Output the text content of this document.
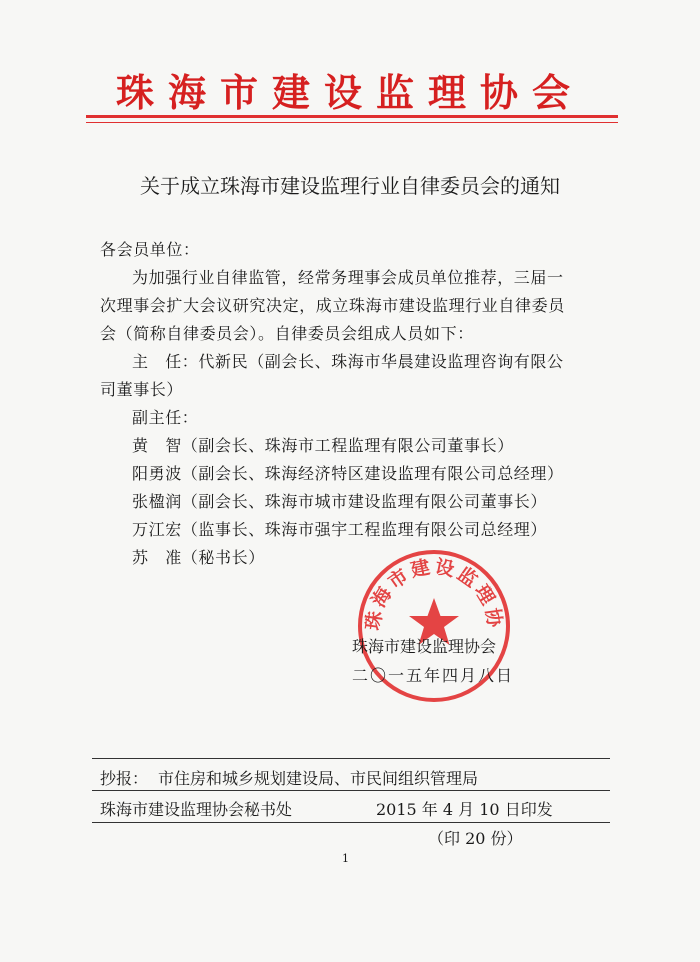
珠海市建设监理协会
关于成立珠海市建设监理行业自律委员会的通知
各会员单位：
为加强行业自律监管，经常务理事会成员单位推荐，三届一
次理事会扩大会议研究决定，成立珠海市建设监理行业自律委员
会（简称自律委员会）。自律委员会组成人员如下：
主　任：代新民（副会长、珠海市华晨建设监理咨询有限公
司董事长）
副主任：
黄　智（副会长、珠海市工程监理有限公司董事长）
阳勇波（副会长、珠海经济特区建设监理有限公司总经理）
张楹润（副会长、珠海市城市建设监理有限公司董事长）
万江宏（监事长、珠海市强宇工程监理有限公司总经理）
苏　准（秘书长）
珠海市建设监理协
珠海市建设监理协会
二〇一五年四月八日
抄报： 市住房和城乡规划建设局、市民间组织管理局
珠海市建设监理协会秘书处	2015 年 4 月 10 日印发
（印 20 份）
1
